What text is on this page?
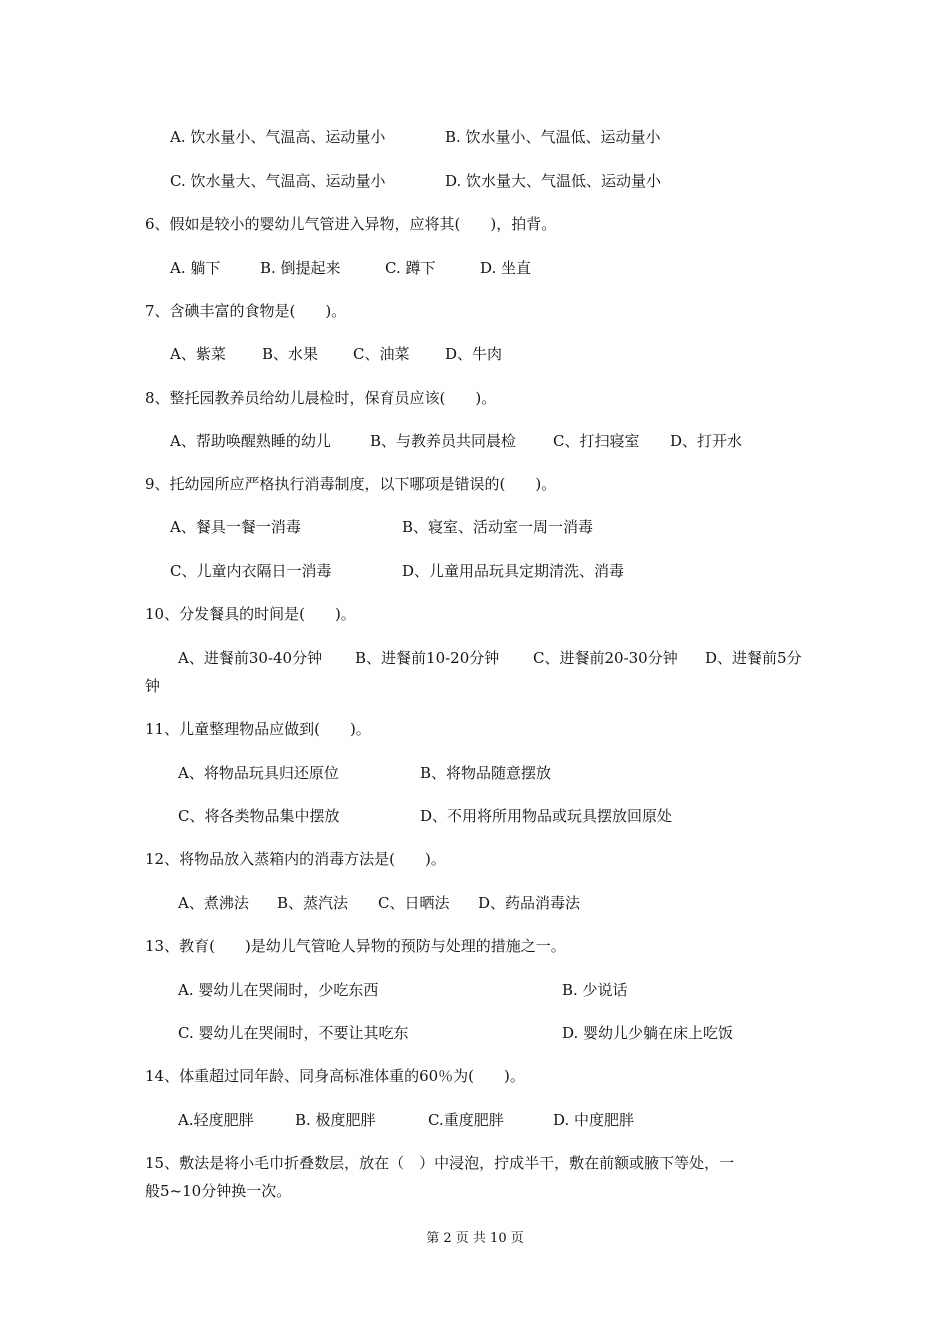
A. 饮水量小、气温高、运动量小	B. 饮水量小、气温低、运动量小
C. 饮水量大、气温高、运动量小	D. 饮水量大、气温低、运动量小
6、假如是较小的婴幼儿气管进入异物，应将其(　　)，拍背。
A. 躺下	B. 倒提起来	C. 蹲下	D. 坐直
7、含碘丰富的食物是(　　)。
A、紫菜 B、水果 C、油菜 D、牛肉
8、整托园教养员给幼儿晨检时，保育员应该(　　)。
A、帮助唤醒熟睡的幼儿	B、与教养员共同晨检 C、打扫寝室 D、打开水
9、托幼园所应严格执行消毒制度，以下哪项是错误的(　　)。
A、餐具一餐一消毒	B、寝室、活动室一周一消毒
C、儿童内衣隔日一消毒	D、儿童用品玩具定期清洗、消毒
10、分发餐具的时间是(　　)。
A、进餐前30-40分钟 B、进餐前10-20分钟 C、进餐前20-30分钟 D、进餐前5分
钟
11、儿童整理物品应做到(　　)。
A、将物品玩具归还原位	B、将物品随意摆放
C、将各类物品集中摆放	D、不用将所用物品或玩具摆放回原处
12、将物品放入蒸箱内的消毒方法是(　　)。
A、煮沸法 B、蒸汽法 C、日晒法 D、药品消毒法
13、教育(　　)是幼儿气管呛人异物的预防与处理的措施之一。
A. 婴幼儿在哭闹时，少吃东西	B. 少说话
C. 婴幼儿在哭闹时，不要让其吃东	D. 婴幼儿少躺在床上吃饭
14、体重超过同年龄、同身高标准体重的60％为(　　)。
A.轻度肥胖	B. 极度肥胖	C.重度肥胖	D. 中度肥胖
15、敷法是将小毛巾折叠数层，放在（　）中浸泡，拧成半干，敷在前额或腋下等处，一
般5~10分钟换一次。
第 2 页 共 10 页
